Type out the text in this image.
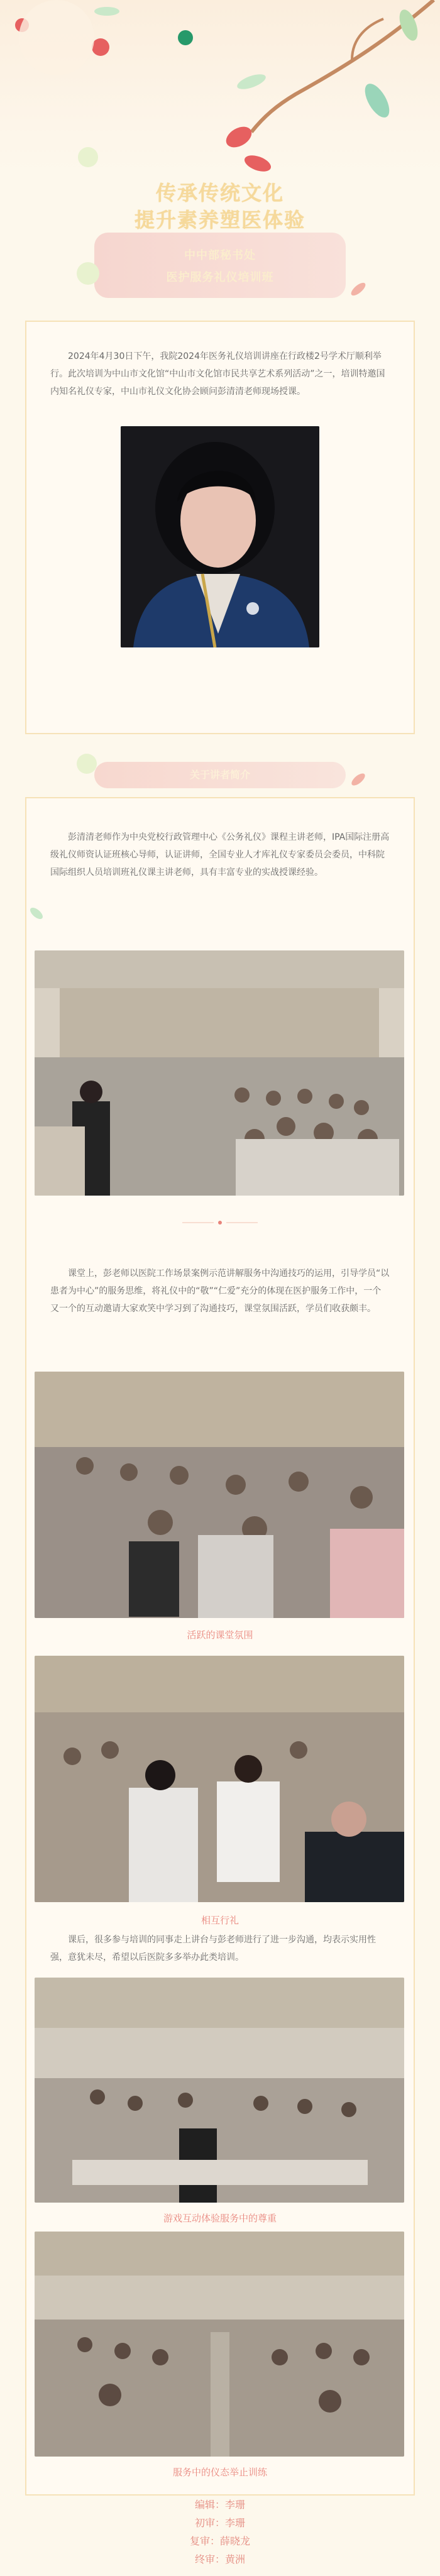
传承传统文化
提升素养塑医体验
中中部秘书处
医护服务礼仪培训班
2024年4月30日下午，我院2024年医务礼仪培训讲座在行政楼2号学术厅顺利举行。此次培训为中山市文化馆“中山市文化馆市民共享艺术系列活动”之一，培训特邀国内知名礼仪专家，中山市礼仪文化协会顾问彭清清老师现场授课。
关于讲者简介
彭清清老师作为中央党校行政管理中心《公务礼仪》课程主讲老师，IPA国际注册高级礼仪师资认证班核心导师，认证讲师，全国专业人才库礼仪专家委员会委员，中科院国际组织人员培训班礼仪课主讲老师，具有丰富专业的实战授课经验。
课堂上，彭老师以医院工作场景案例示范讲解服务中沟通技巧的运用，引导学员“以患者为中心”的服务思维，将礼仪中的“敬”“仁爱”充分的体现在医护服务工作中，一个又一个的互动邀请大家欢笑中学习到了沟通技巧，课堂氛围活跃，学员们收获颇丰。
活跃的课堂氛围
相互行礼
课后，很多参与培训的同事走上讲台与彭老师进行了进一步沟通，均表示实用性强，意犹未尽，希望以后医院多多举办此类培训。
游戏互动体验服务中的尊重
服务中的仪态举止训练
编辑：李珊
初审：李珊
复审：薛晓龙
终审：黄洲
